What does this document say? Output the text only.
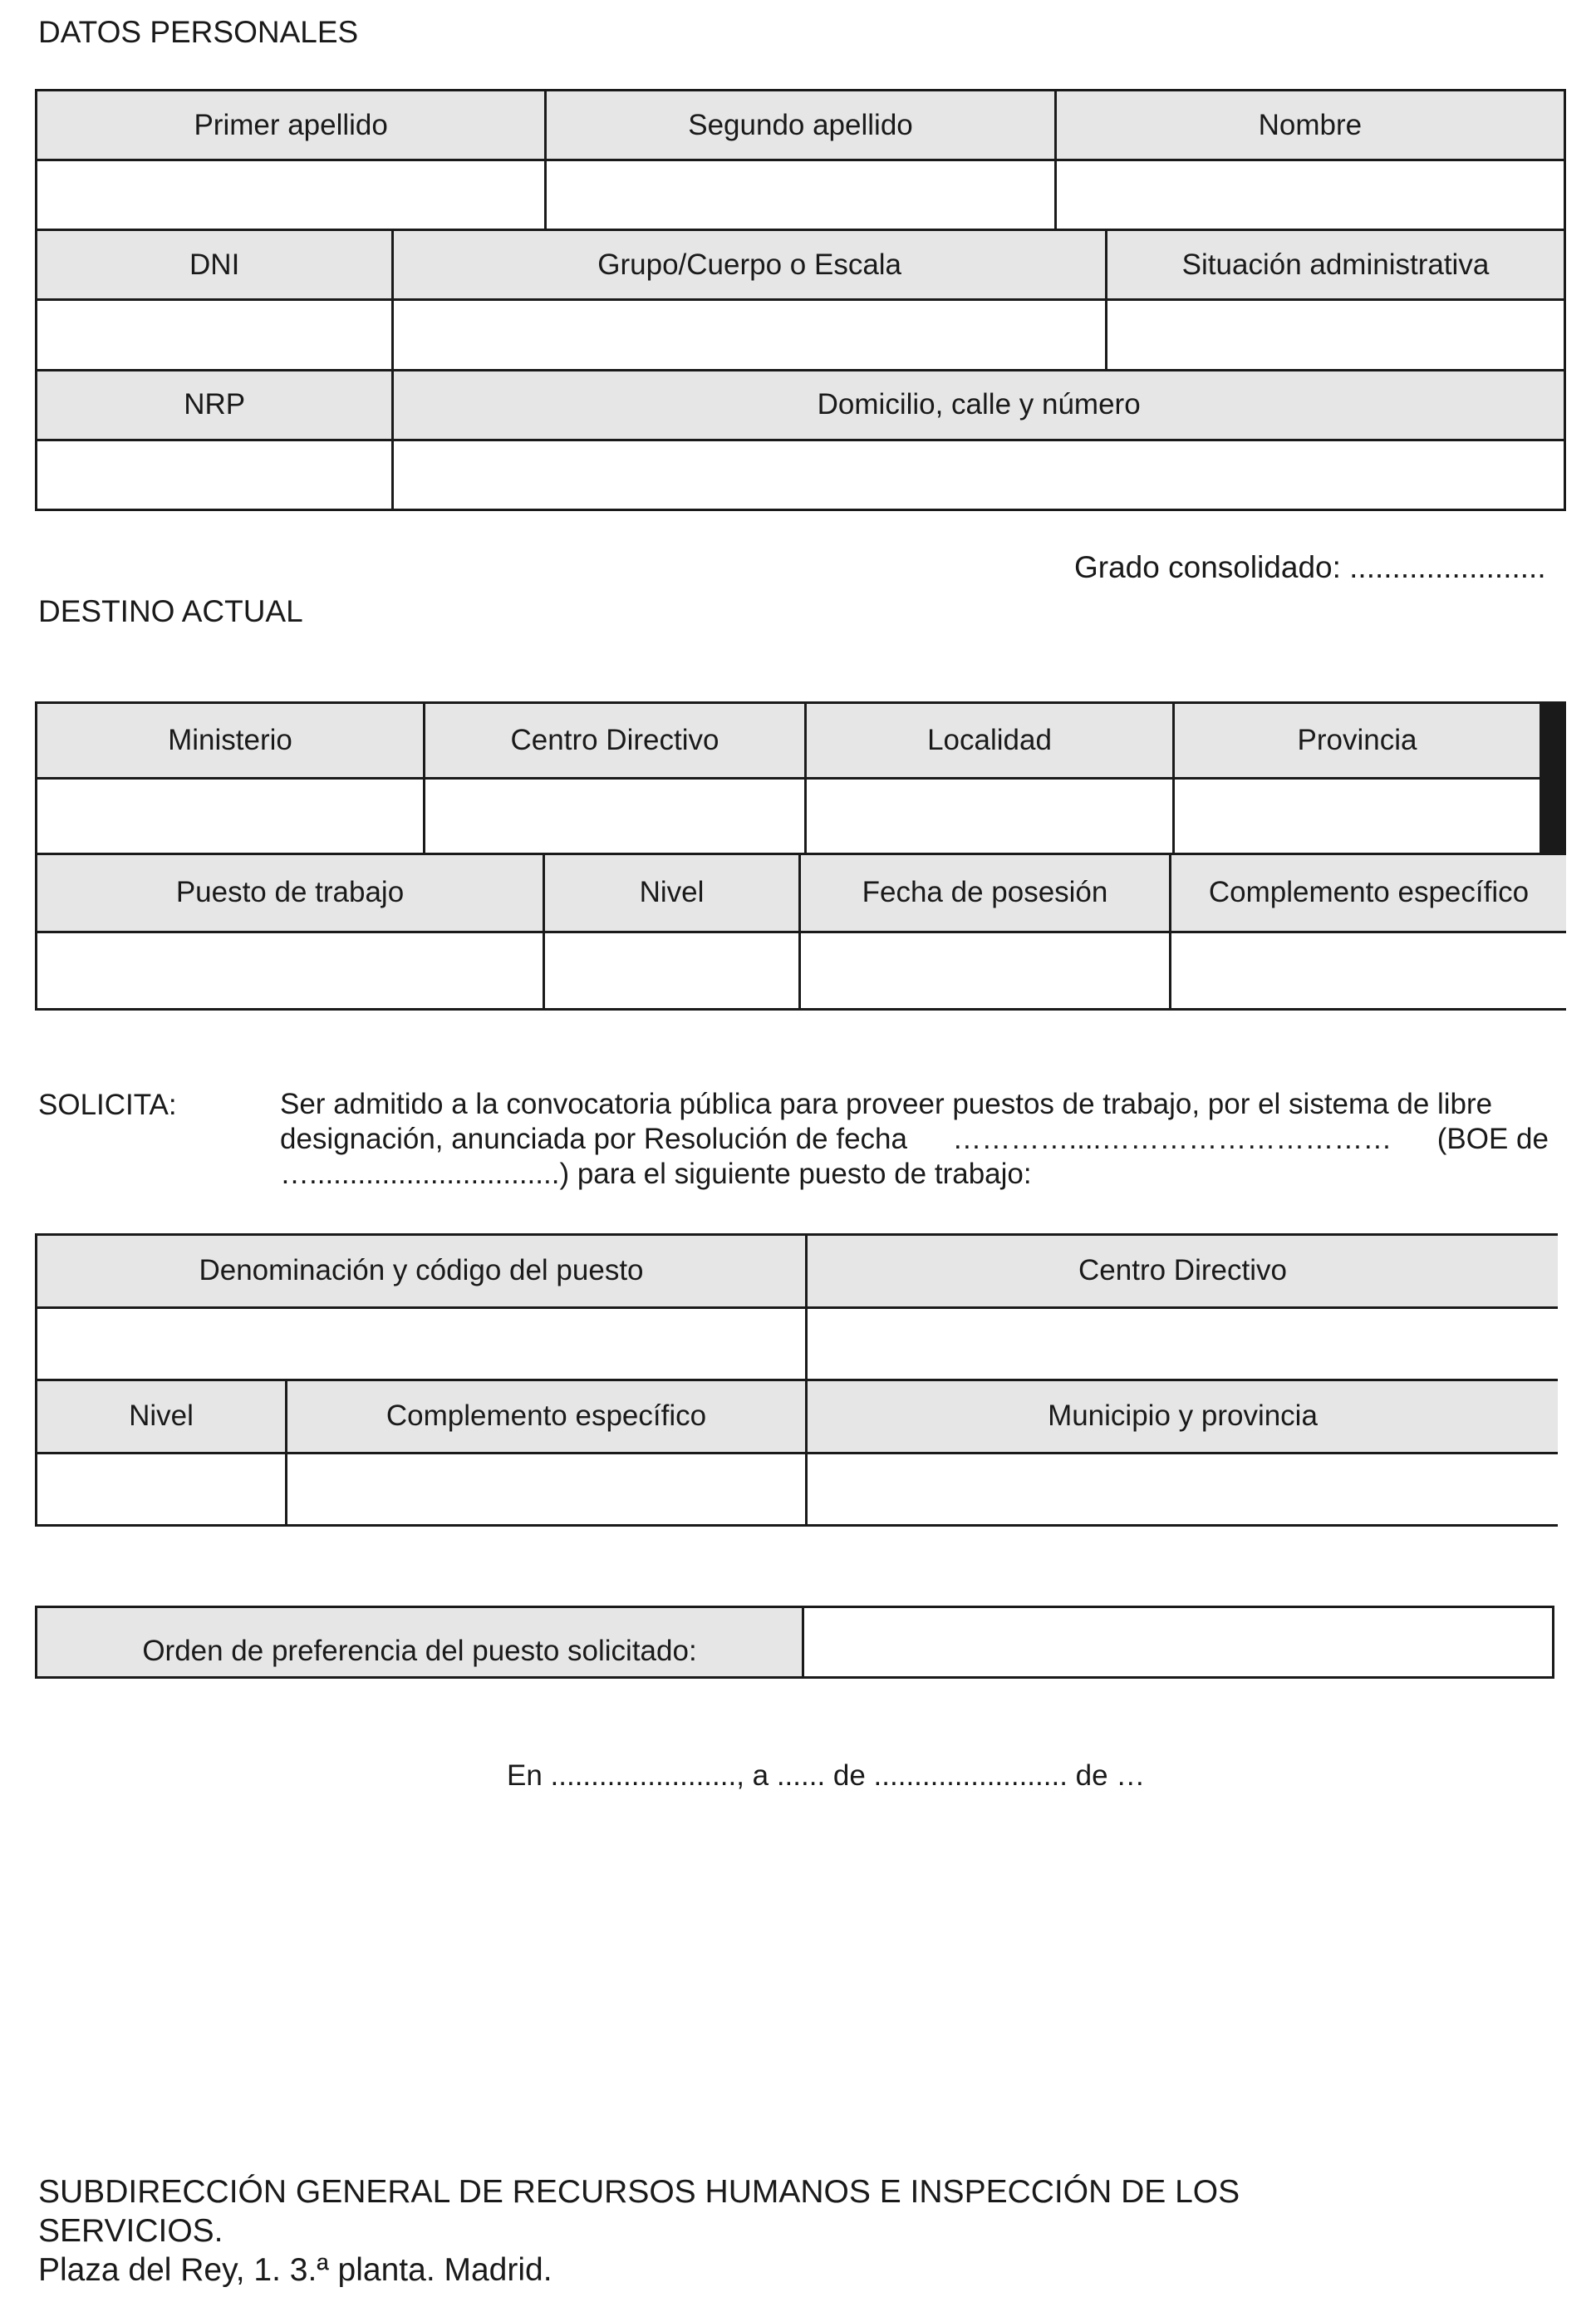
DATOS PERSONALES
Primer apellido	Segundo apellido	Nombre
DNI	Grupo/Cuerpo o Escala	Situación administrativa
NRP	Domicilio, calle y número
Grado consolidado: .......................
DESTINO ACTUAL
Ministerio	Centro Directivo	Localidad	Provincia
Puesto de trabajo	Nivel	Fecha de posesión	Complemento específico
SOLICITA:	Ser admitido a la convocatoria pública para proveer puestos de trabajo, por el sistema de libre
designación, anunciada por Resolución de fecha …………....………………………… (BOE de
…...............................) para el siguiente puesto de trabajo:
Denominación y código del puesto	Centro Directivo
Nivel	Complemento específico	Municipio y provincia
Orden de preferencia del puesto solicitado:
En ......................., a ...... de ........................ de …
SUBDIRECCIÓN GENERAL DE RECURSOS HUMANOS E INSPECCIÓN DE LOS
SERVICIOS.
Plaza del Rey, 1. 3.ª planta. Madrid.
